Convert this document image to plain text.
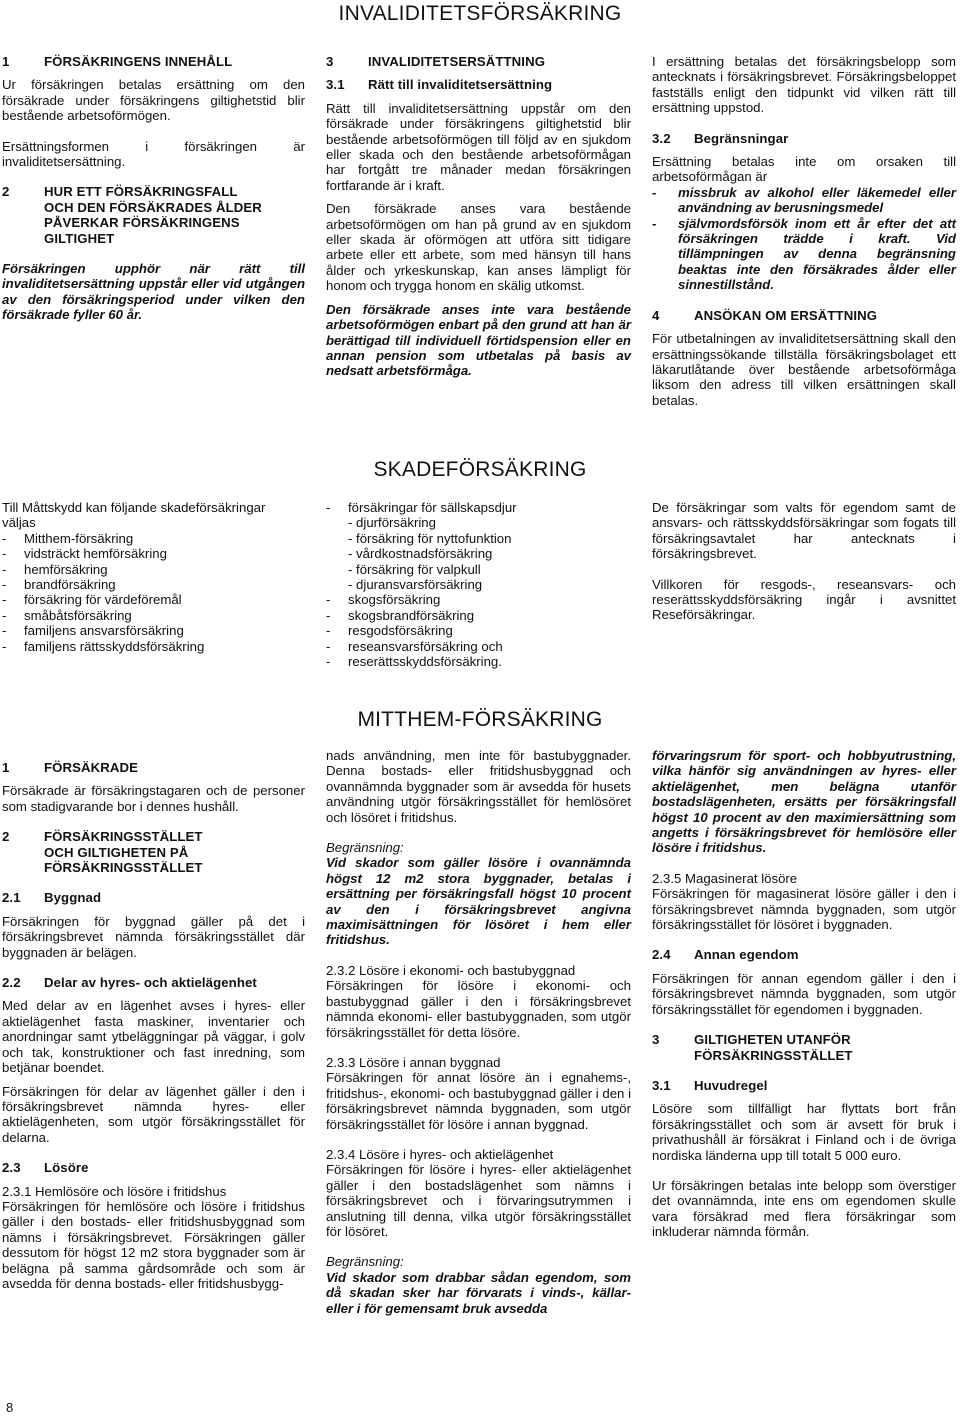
INVALIDITETSFÖRSÄKRING
1	FÖRSÄKRINGENS INNEHÅLL

Ur försäkringen betalas ersättning om den försäkrade under försäkringens giltighetstid blir bestående arbetsoförmögen.

Ersättningsformen i försäkringen är invaliditetsersättning.

2	HUR ETT FÖRSÄKRINGSFALL
OCH DEN FÖRSÄKRADES ÅLDER
PÅVERKAR FÖRSÄKRINGENS
GILTIGHET

Försäkringen upphör när rätt till invaliditetsersättning uppstår eller vid utgången av den försäkringsperiod under vilken den försäkrade fyller 60 år.

3	INVALIDITETSERSÄTTNING
3.1 Rätt till invaliditetsersättning

Rätt till invaliditetsersättning uppstår om den försäkrade under försäkringens giltighetstid blir bestående arbetsoförmögen till följd av en sjukdom eller skada och den bestående arbetsoförmågan har fortgått tre månader medan försäkringen fortfarande är i kraft.

Den försäkrade anses vara bestående arbetsoförmögen om han på grund av en sjukdom eller skada är oförmögen att utföra sitt tidigare arbete eller ett arbete, som med hänsyn till hans ålder och yrkeskunskap, kan anses lämpligt för honom och trygga honom en skälig utkomst.

Den försäkrade anses inte vara bestående arbetsoförmögen enbart på den grund att han är berättigad till individuell förtidspension eller en annan pension som utbetalas på basis av nedsatt arbetsförmåga.

I ersättning betalas det försäkringsbelopp som antecknats i försäkringsbrevet. Försäkringsbeloppet fastställs enligt den tidpunkt vid vilken rätt till ersättning uppstod.

3.2 Begränsningar

Ersättning betalas inte om orsaken till arbetsoförmågan är

-	missbruk av alkohol eller läkemedel eller användning av berusningsmedel
-	självmordsförsök inom ett år efter det att försäkringen trädde i kraft. Vid tillämpningen av denna begränsning beaktas inte den försäkrades ålder eller sinnestillstånd.
4	ANSÖKAN OM ERSÄTTNING

För utbetalningen av invaliditetsersättning skall den ersättningssökande tillställa försäkringsbolaget ett läkarutlåtande över bestående arbetsoförmåga liksom den adress till vilken ersättningen skall betalas.

SKADEFÖRSÄKRING

Till Måttskydd kan följande skadeförsäkringar

väljas

- Mitthem-försäkring
- vidsträckt hemförsäkring
- hemförsäkring
- brandförsäkring
- försäkring för värdeföremål
- småbåtsförsäkring
- familjens ansvarsförsäkring
- familjens rättsskyddsförsäkring
- försäkringar för sällskapsdjur
- djurförsäkring
- försäkring för nyttofunktion
- vårdkostnadsförsäkring
- försäkring för valpkull
- djuransvarsförsäkring
- skogsförsäkring
- skogsbrandförsäkring
- resgodsförsäkring
- reseansvarsförsäkring och
- reserättsskyddsförsäkring.

De försäkringar som valts för egendom samt de ansvars- och rättsskyddsförsäkringar som fogats till försäkringsavtalet har antecknats i försäkringsbrevet.

Villkoren för resgods-, reseansvars- och reserättsskyddsförsäkring ingår i avsnittet Reseförsäkringar.

MITTHEM-FÖRSÄKRING
1	FÖRSÄKRADE

Försäkrade är försäkringstagaren och de personer som stadigvarande bor i dennes hushåll.

2	FÖRSÄKRINGSSTÄLLET
OCH GILTIGHETEN PÅ
FÖRSÄKRINGSSTÄLLET
2.1 Byggnad

Försäkringen för byggnad gäller på det i försäkringsbrevet nämnda försäkringsstället där byggnaden är belägen.

2.2 Delar av hyres- och aktielägenhet

Med delar av en lägenhet avses i hyres- eller aktielägenhet fasta maskiner, inventarier och anordningar samt ytbeläggningar på väggar, i golv och tak, konstruktioner och fast inredning, som betjänar boendet.

Försäkringen för delar av lägenhet gäller i den i försäkringsbrevet nämnda hyres- eller aktielägenheten, som utgör försäkringsstället för delarna.

2.3 Lösöre

2.3.1 Hemlösöre och lösöre i fritidshus

Försäkringen för hemlösöre och lösöre i fritidshus gäller i den bostads- eller fritidshusbyggnad som nämns i försäkringsbrevet. Försäkringen gäller dessutom för högst 12 m2 stora byggnader som är belägna på samma gårdsområde och som är avsedda för denna bostads- eller fritidshusbygg-

nads användning, men inte för bastubyggnader. Denna bostads- eller fritidshusbyggnad och ovannämnda byggnader som är avsedda för husets användning utgör försäkringsstället för hemlösöret och lösöret i fritidshus.

Begränsning:

Vid skador som gäller lösöre i ovannämnda högst 12 m2 stora byggnader, betalas i ersättning per försäkringsfall högst 10 procent av den i försäkringsbrevet angivna maximisättningen för lösöret i hem eller fritidshus.

2.3.2 Lösöre i ekonomi- och bastubyggnad

Försäkringen för lösöre i ekonomi- och bastubyggnad gäller i den i försäkringsbrevet nämnda ekonomi- eller bastubyggnaden, som utgör försäkringsstället för detta lösöre.

2.3.3 Lösöre i annan byggnad

Försäkringen för annat lösöre än i egnahems-, fritidshus-, ekonomi- och bastubyggnad gäller i den i försäkringsbrevet nämnda byggnaden, som utgör försäkringsstället för lösöre i annan byggnad.

2.3.4 Lösöre i hyres- och aktielägenhet

Försäkringen för lösöre i hyres- eller aktielägenhet gäller i den bostadslägenhet som nämns i försäkringsbrevet och i förvaringsutrymmen i anslutning till denna, vilka utgör försäkringsstället för lösöret.

Begränsning:

Vid skador som drabbar sådan egendom, som då skadan sker har förvarats i vinds-, källar- eller i för gemensamt bruk avsedda

förvaringsrum för sport- och hobbyutrustning, vilka hänför sig användningen av hyres- eller aktielägenhet, men belägna utanför bostadslägenheten, ersätts per försäkringsfall högst 10 procent av den maximiersättning som angetts i försäkringsbrevet för hemlösöre eller lösöre i fritidshus.

2.3.5 Magasinerat lösöre

Försäkringen för magasinerat lösöre gäller i den i försäkringsbrevet nämnda byggnaden, som utgör försäkringsstället för lösöret i byggnaden.

2.4 Annan egendom

Försäkringen för annan egendom gäller i den i försäkringsbrevet nämnda byggnaden, som utgör försäkringsstället för egendomen i byggnaden.

3	GILTIGHETEN UTANFÖR
FÖRSÄKRINGSSTÄLLET
3.1 Huvudregel

Lösöre som tillfälligt har flyttats bort från försäkringsstället och som är avsett för bruk i privathushåll är försäkrat i Finland och i de övriga nordiska länderna upp till totalt 5 000 euro.

Ur försäkringen betalas inte belopp som överstiger det ovannämnda, inte ens om egendomen skulle vara försäkrad med flera försäkringar som inkluderar nämnda förmån.

8
